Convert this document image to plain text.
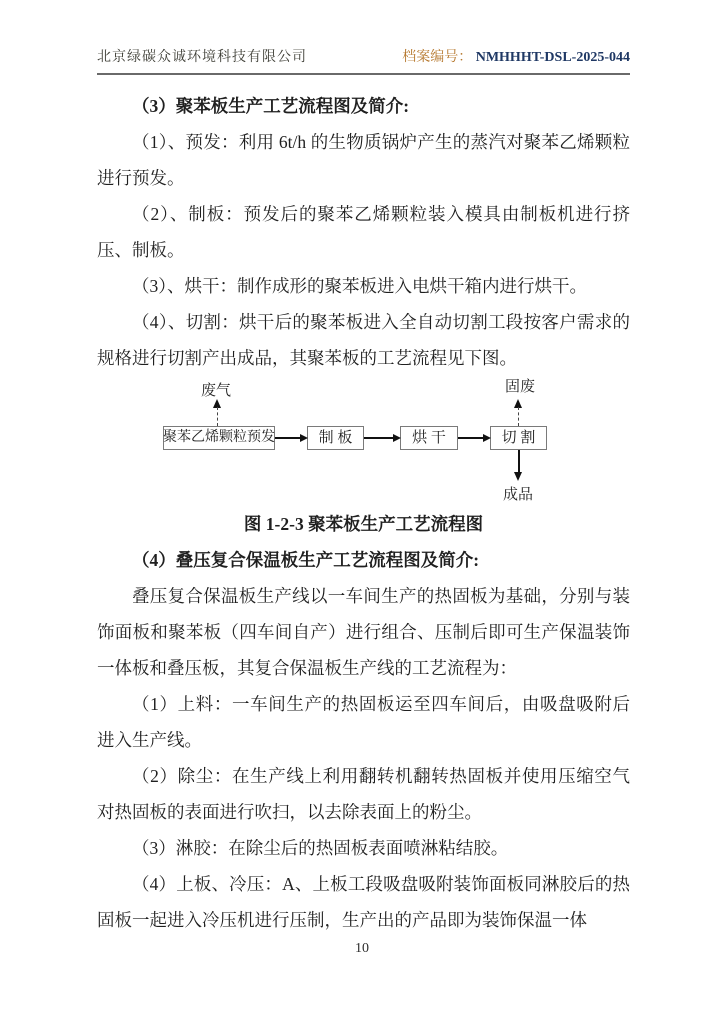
北京绿碳众诚环境科技有限公司	档案编号： NMHHHT-DSL-2025-044

（3）聚苯板生产工艺流程图及简介:

（1）、预发：利用 6t/h 的生物质锅炉产生的蒸汽对聚苯乙烯颗粒进行预发。

（2）、制板：预发后的聚苯乙烯颗粒装入模具由制板机进行挤压、制板。

（3）、烘干：制作成形的聚苯板进入电烘干箱内进行烘干。

（4）、切割：烘干后的聚苯板进入全自动切割工段按客户需求的规格进行切割产出成品，其聚苯板的工艺流程见下图。

废气	固废
聚苯乙烯颗粒预发	制 板	烘 干	切 割
成品

图 1-2-3 聚苯板生产工艺流程图

（4）叠压复合保温板生产工艺流程图及简介:

叠压复合保温板生产线以一车间生产的热固板为基础，分别与装饰面板和聚苯板（四车间自产）进行组合、压制后即可生产保温装饰一体板和叠压板，其复合保温板生产线的工艺流程为：

（1）上料：一车间生产的热固板运至四车间后，由吸盘吸附后进入生产线。

（2）除尘：在生产线上利用翻转机翻转热固板并使用压缩空气对热固板的表面进行吹扫，以去除表面上的粉尘。

（3）淋胶：在除尘后的热固板表面喷淋粘结胶。

（4）上板、冷压：A、上板工段吸盘吸附装饰面板同淋胶后的热固板一起进入冷压机进行压制，生产出的产品即为装饰保温一体

10
